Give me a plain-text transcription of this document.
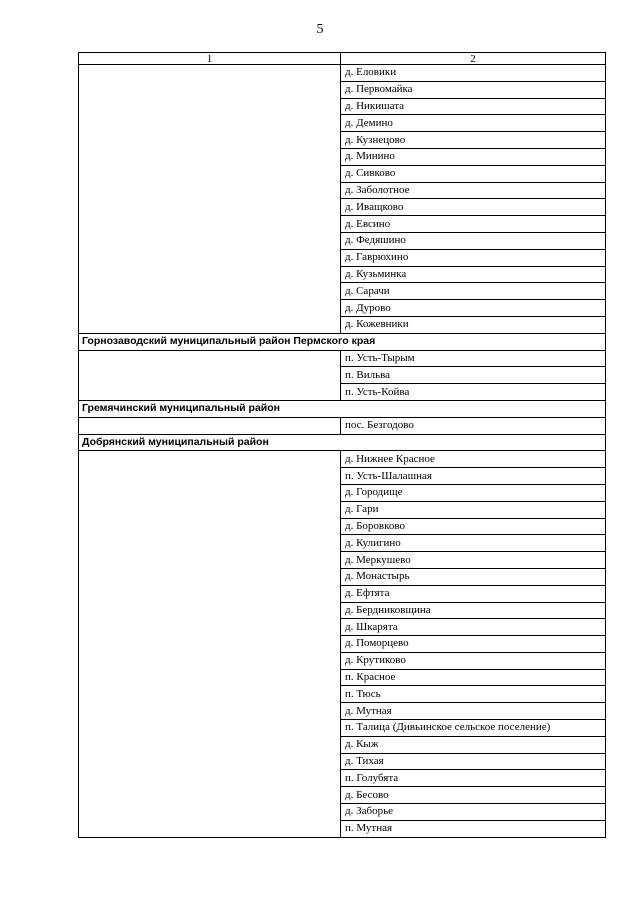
5
1	2
	д. Еловики
	д. Первомайка
	д. Никишата
	д. Демино
	д. Кузнецово
	д. Минино
	д. Сивково
	д. Заболотное
	д. Иващково
	д. Евсино
	д. Федяшино
	д. Гаврюхино
	д. Кузьминка
	д. Сарачи
	д. Дурово
	д. Кожевники
Горнозаводский муниципальный район Пермского края	
	п. Усть-Тырым
	п. Вильва
	п. Усть-Койва
Гремячинский муниципальный район	
	пос. Безгодово
Добрянский муниципальный район	
	д. Нижнее Красное
	п. Усть-Шалашная
	д. Городище
	д. Гари
	д. Боровково
	д. Кулигино
	д. Меркушево
	д. Монастырь
	д. Ефтята
	д. Бердниковщина
	д. Шкарята
	д. Поморцево
	д. Крутиково
	п. Красное
	п. Тюсь
	д. Мутная
	п. Талица (Дивьинское сельское поселение)
	д. Кыж
	д. Тихая
	п. Голубята
	д. Бесово
	д. Заборье
	п. Мутная
